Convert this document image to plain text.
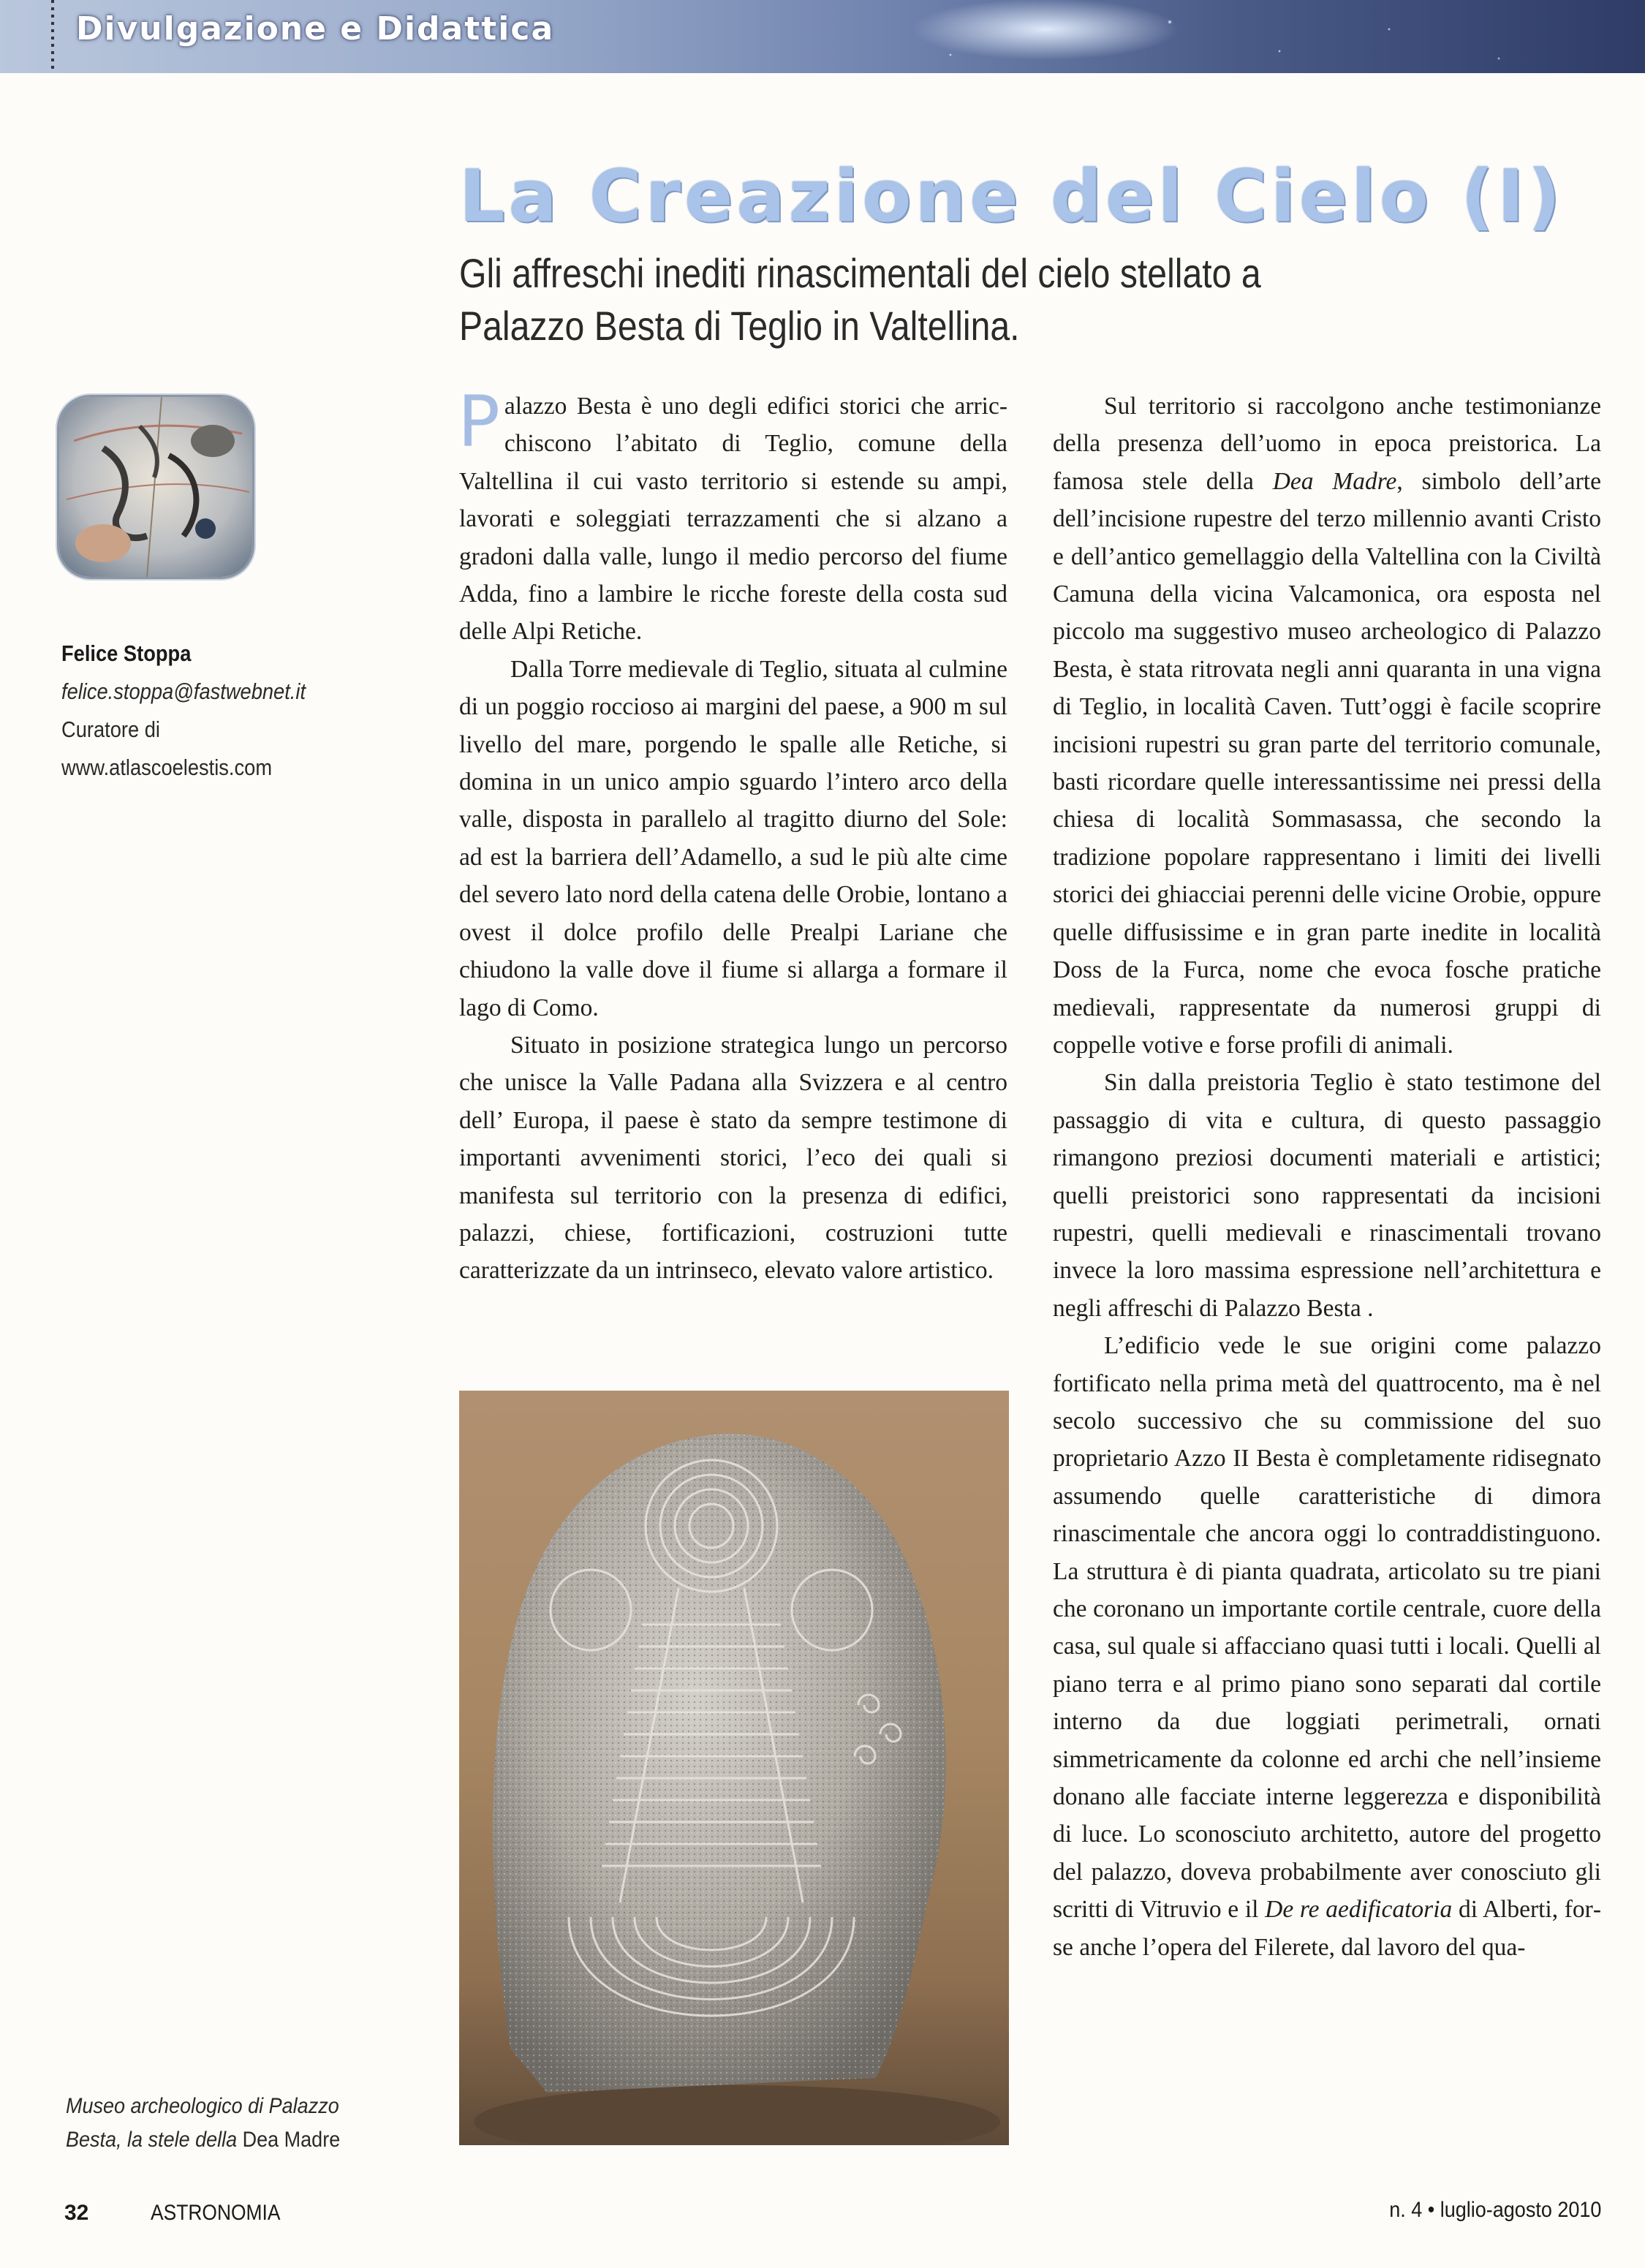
Divulgazione e Didattica
La Creazione del Cielo (I)
Gli affreschi inediti rinascimentali del cielo stellato a Palazzo Besta di Teglio in Valtellina.
Felice Stoppa
felice.stoppa@fastwebnet.it
Curatore di
www.atlascoelestis.com

Palazzo Besta è uno degli edifici storici che arricchiscono l’abitato di Teglio, comune della Valtellina il cui vasto territorio si estende su ampi, lavorati e soleggiati terrazzamenti che si alzano a gradoni dalla valle, lungo il medio percorso del fiume Adda, fino a lambire le ricche foreste della costa sud delle Alpi Retiche.

Dalla Torre medievale di Teglio, situata al culmine di un poggio roccioso ai margini del paese, a 900 m sul livello del mare, porgendo le spalle alle Retiche, si domina in un unico ampio sguardo l’intero arco della valle, disposta in parallelo al tragitto diurno del Sole: ad est la barriera dell’Adamello, a sud le più alte cime del severo lato nord della catena delle Orobie, lontano a ovest il dolce profilo delle Prealpi Lariane che chiudono la valle dove il fiume si allarga a formare il lago di Como.

Situato in posizione strategica lungo un percorso che unisce la Valle Padana alla Svizzera e al centro dell’ Europa, il paese è stato da sempre testimone di importanti avvenimenti storici, l’eco dei quali si manifesta sul territorio con la presenza di edifici, palazzi, chiese, fortificazioni, costruzioni tutte caratterizzate da un intrinseco, elevato valore artistico.

Sul territorio si raccolgono anche testimonianze della presenza dell’uomo in epoca preistorica. La famosa stele della Dea Madre, simbolo dell’arte dell’incisione rupestre del terzo millennio avanti Cristo e dell’antico gemellaggio della Valtellina con la Civiltà Camuna della vicina Valcamonica, ora esposta nel piccolo ma suggestivo museo archeologico di Palazzo Besta, è stata ritrovata negli anni quaranta in una vigna di Teglio, in località Caven. Tutt’oggi è facile scoprire incisioni rupestri su gran parte del territorio comunale, basti ricordare quelle interessantissime nei pressi della chiesa di località Sommasassa, che secondo la tradizione popolare rappresentano i limiti dei livelli storici dei ghiacciai perenni delle vicine Orobie, oppure quelle diffusissime e in gran parte inedite in località Doss de la Furca, nome che evoca fosche pratiche medievali, rappresentate da numerosi gruppi di coppelle votive e forse profili di animali.

Sin dalla preistoria Teglio è stato testimone del passaggio di vita e cultura, di questo passaggio rimangono preziosi documenti materiali e artistici; quelli preistorici sono rappresentati da incisioni rupestri, quelli medievali e rinascimentali trovano invece la loro massima espressione nell’architettura e negli affreschi di Palazzo Besta .

L’edificio vede le sue origini come palazzo fortificato nella prima metà del quattrocento, ma è nel secolo successivo che su commissione del suo proprietario Azzo II Besta è completamente ridisegnato assumendo quelle caratteristiche di dimora rinascimentale che ancora oggi lo contraddistinguono. La struttura è di pianta quadrata, articolato su tre piani che coronano un importante cortile centrale, cuore della casa, sul quale si affacciano quasi tutti i locali. Quelli al piano terra e al primo piano sono separati dal cortile interno da due loggiati perimetrali, ornati simmetricamente da colonne ed archi che nell’insieme donano alle facciate interne leggerezza e disponibilità di luce. Lo sconosciuto architetto, autore del progetto del palazzo, doveva probabilmente aver conosciuto gli scritti di Vitruvio e il De re aedificatoria di Alberti, forse anche l’opera del Filerete, dal lavoro del qua-

Museo archeologico di Palazzo Besta, la stele della Dea Madre
32	ASTRONOMIA	n. 4 • luglio-agosto 2010
